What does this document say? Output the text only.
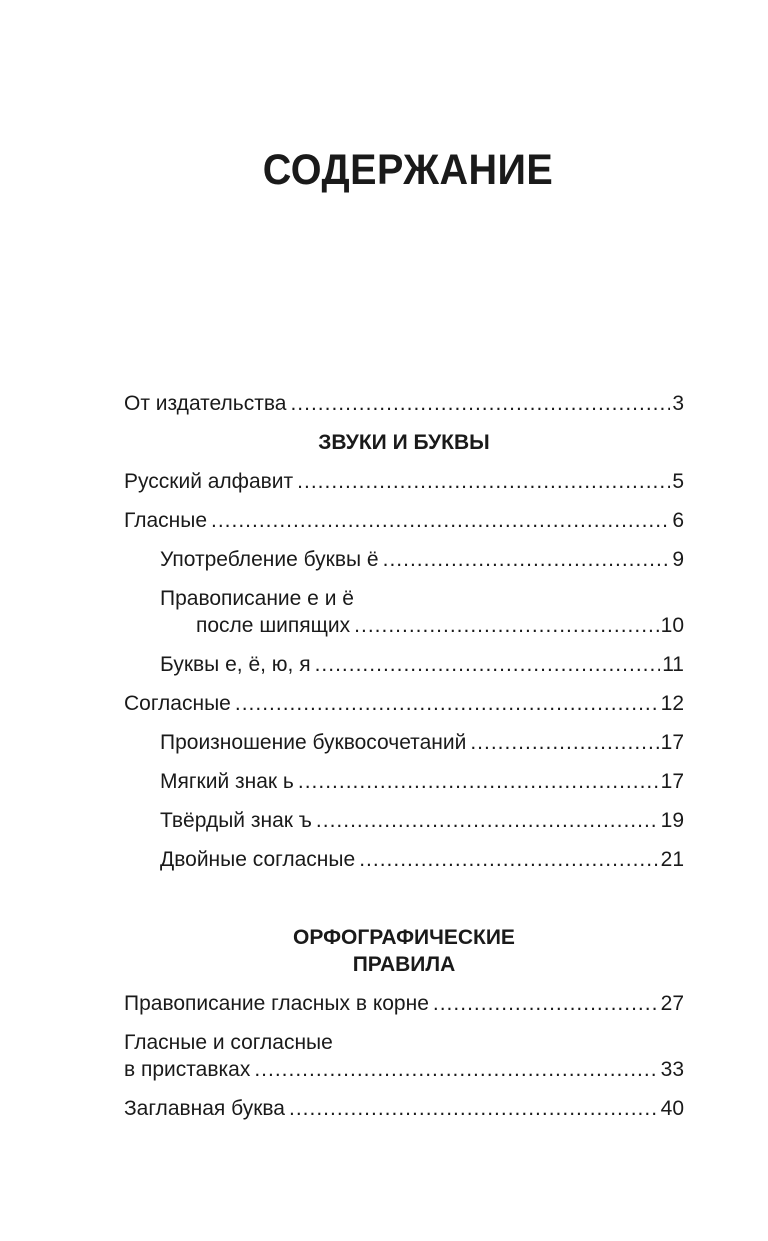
СОДЕРЖАНИЕ
От издательства .....	3
ЗВУКИ И БУКВЫ
Русский алфавит .....	5
Гласные .....	6
Употребление буквы ё .....	9
Правописание е и ё
после шипящих .....	10
Буквы е, ё, ю, я .....	11
Согласные .....	12
Произношение буквосочетаний .....	17
Мягкий знак ь .....	17
Твёрдый знак ъ .....	19
Двойные согласные .....	21
ОРФОГРАФИЧЕСКИЕ
ПРАВИЛА
Правописание гласных в корне .....	27
Гласные и согласные
в приставках .....	33
Заглавная буква .....	40
